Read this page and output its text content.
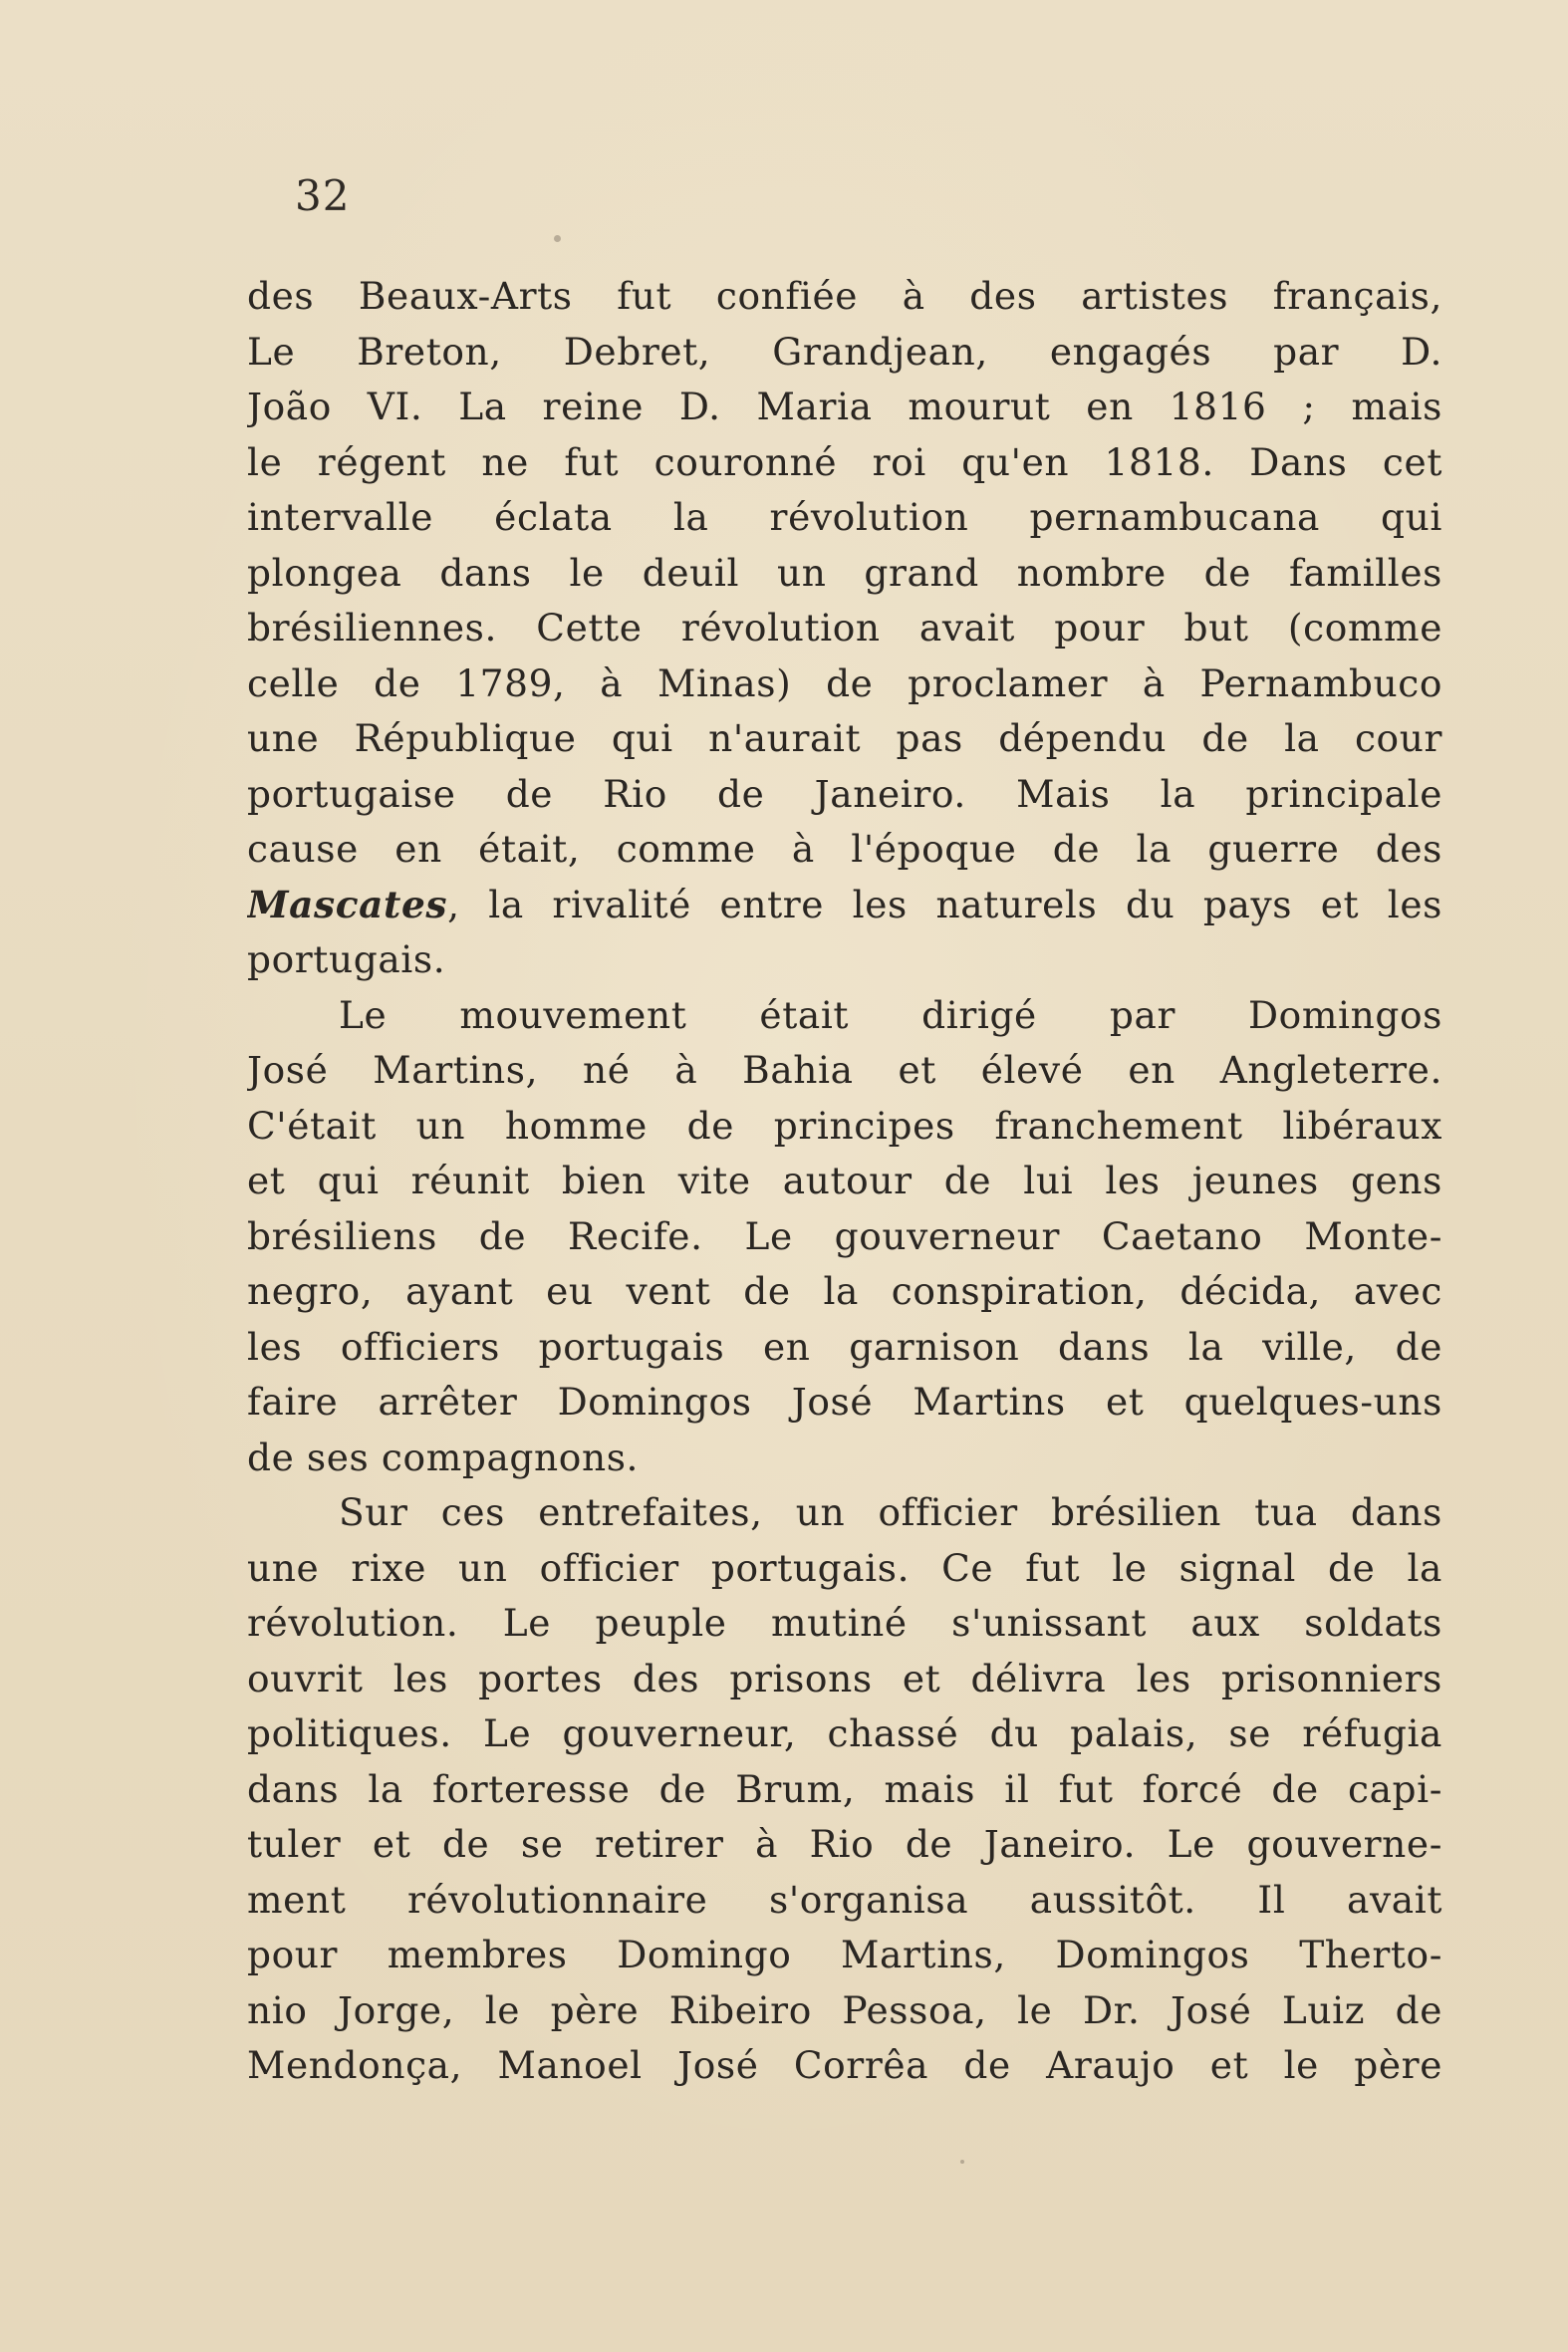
32
des Beaux-Arts fut confiée à des artistes français,
Le Breton, Debret, Grandjean, engagés par D.
João VI. La reine D. Maria mourut en 1816 ; mais
le régent ne fut couronné roi qu'en 1818. Dans cet
intervalle éclata la révolution pernambucana qui
plongea dans le deuil un grand nombre de familles
brésiliennes. Cette révolution avait pour but (comme
celle de 1789, à Minas) de proclamer à Pernambuco
une République qui n'aurait pas dépendu de la cour
portugaise de Rio de Janeiro. Mais la principale
cause en était, comme à l'époque de la guerre des
Mascates, la rivalité entre les naturels du pays et les
portugais.
Le mouvement était dirigé par Domingos
José Martins, né à Bahia et élevé en Angleterre.
C'était un homme de principes franchement libéraux
et qui réunit bien vite autour de lui les jeunes gens
brésiliens de Recife. Le gouverneur Caetano Monte-
negro, ayant eu vent de la conspiration, décida, avec
les officiers portugais en garnison dans la ville, de
faire arrêter Domingos José Martins et quelques-uns
de ses compagnons.
Sur ces entrefaites, un officier brésilien tua dans
une rixe un officier portugais. Ce fut le signal de la
révolution. Le peuple mutiné s'unissant aux soldats
ouvrit les portes des prisons et délivra les prisonniers
politiques. Le gouverneur, chassé du palais, se réfugia
dans la forteresse de Brum, mais il fut forcé de capi-
tuler et de se retirer à Rio de Janeiro. Le gouverne-
ment révolutionnaire s'organisa aussitôt. Il avait
pour membres Domingo Martins, Domingos Therto-
nio Jorge, le père Ribeiro Pessoa, le Dr. José Luiz de
Mendonça, Manoel José Corrêa de Araujo et le père
